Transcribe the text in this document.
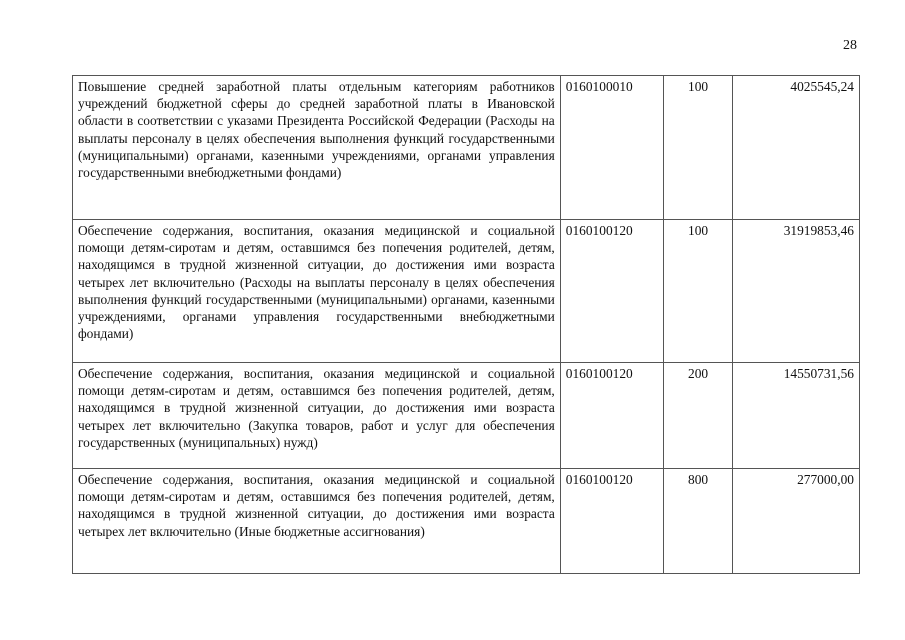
28
Повышение средней заработной платы отдельным категориям работников учреждений бюджетной сферы до средней заработной платы в Ивановской области в соответствии с указами Президента Российской Федерации (Расходы на выплаты персоналу в целях обеспечения выполнения функций государственными (муниципальными) органами, казенными учреждениями, органами управления государственными внебюджетными фондами)	0160100010	100	4025545,24
Обеспечение содержания, воспитания, оказания медицинской и социальной помощи детям-сиротам и детям, оставшимся без попечения родителей, детям, находящимся в трудной жизненной ситуации, до достижения ими возраста четырех лет включительно (Расходы на выплаты персоналу в целях обеспечения выполнения функций государственными (муниципальными) органами, казенными учреждениями, органами управления государственными внебюджетными фондами)	0160100120	100	31919853,46
Обеспечение содержания, воспитания, оказания медицинской и социальной помощи детям-сиротам и детям, оставшимся без попечения родителей, детям, находящимся в трудной жизненной ситуации, до достижения ими возраста четырех лет включительно (Закупка товаров, работ и услуг для обеспечения государственных (муниципальных) нужд)	0160100120	200	14550731,56
Обеспечение содержания, воспитания, оказания медицинской и социальной помощи детям-сиротам и детям, оставшимся без попечения родителей, детям, находящимся в трудной жизненной ситуации, до достижения ими возраста четырех лет включительно (Иные бюджетные ассигнования)	0160100120	800	277000,00
